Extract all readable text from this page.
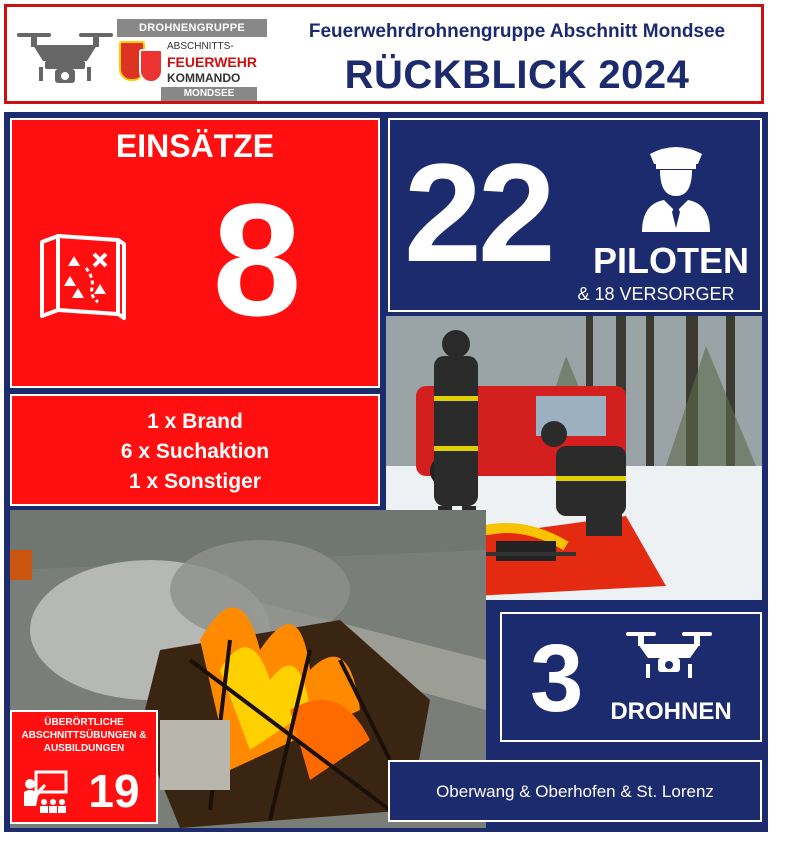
DROHNENGRUPPE
ABSCHNITTS-
FEUERWEHR
KOMMANDO
MONDSEE
Feuerwehrdrohnengruppe Abschnitt Mondsee
RÜCKBLICK 2024
EINSÄTZE
8
1 x Brand
6 x Suchaktion
1 x Sonstiger
22 PILOTEN
& 18 VERSORGER
3	DROHNEN
Oberwang & Oberhofen & St. Lorenz
ÜBERÖRTLICHE ABSCHNITTSÜBUNGEN & AUSBILDUNGEN
19
